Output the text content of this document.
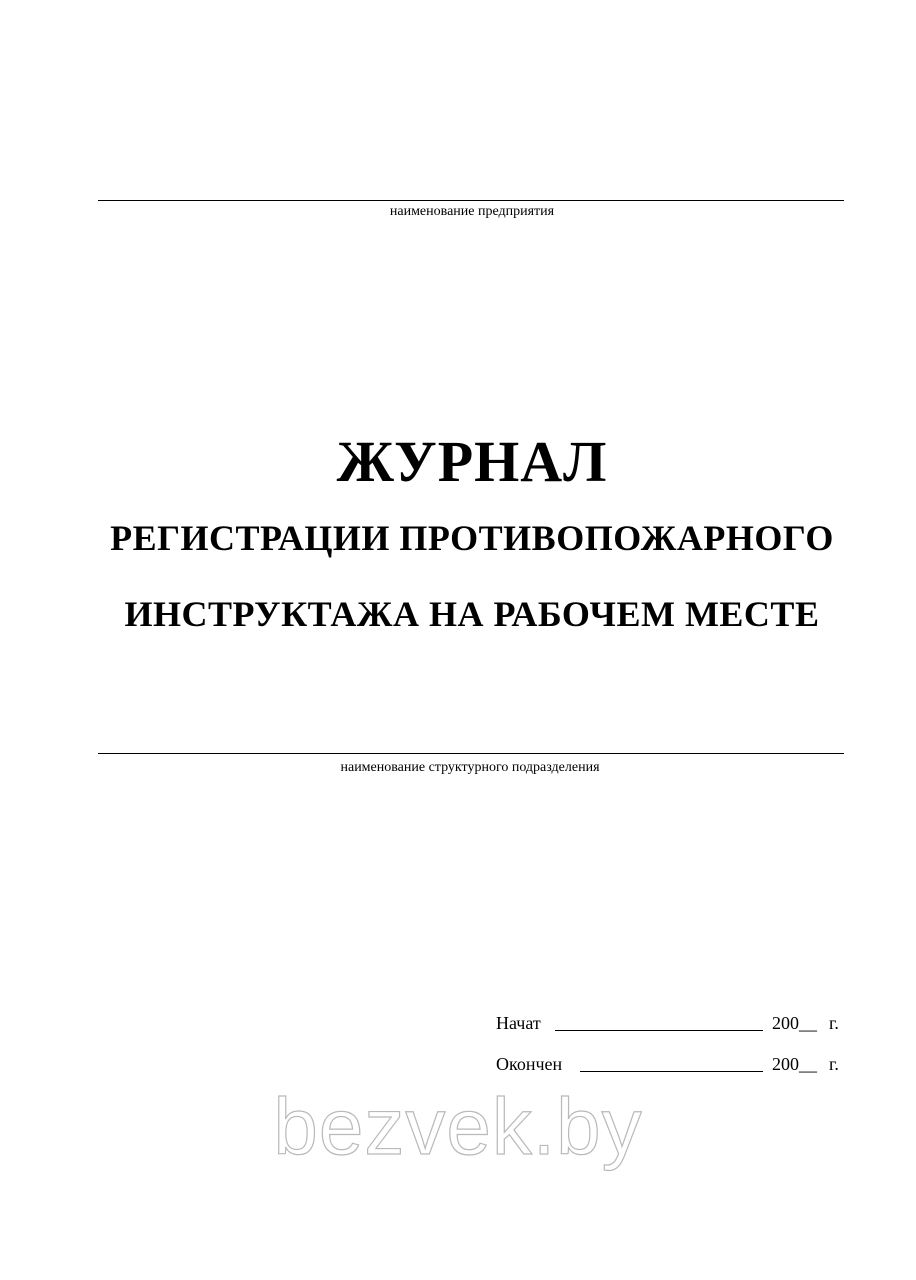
наименование предприятия
ЖУРНАЛ
РЕГИСТРАЦИИ ПРОТИВОПОЖАРНОГО
ИНСТРУКТАЖА НА РАБОЧЕМ МЕСТЕ
наименование структурного подразделения
Начат	200__ г.
Окончен	200__ г.
bezvek.by
